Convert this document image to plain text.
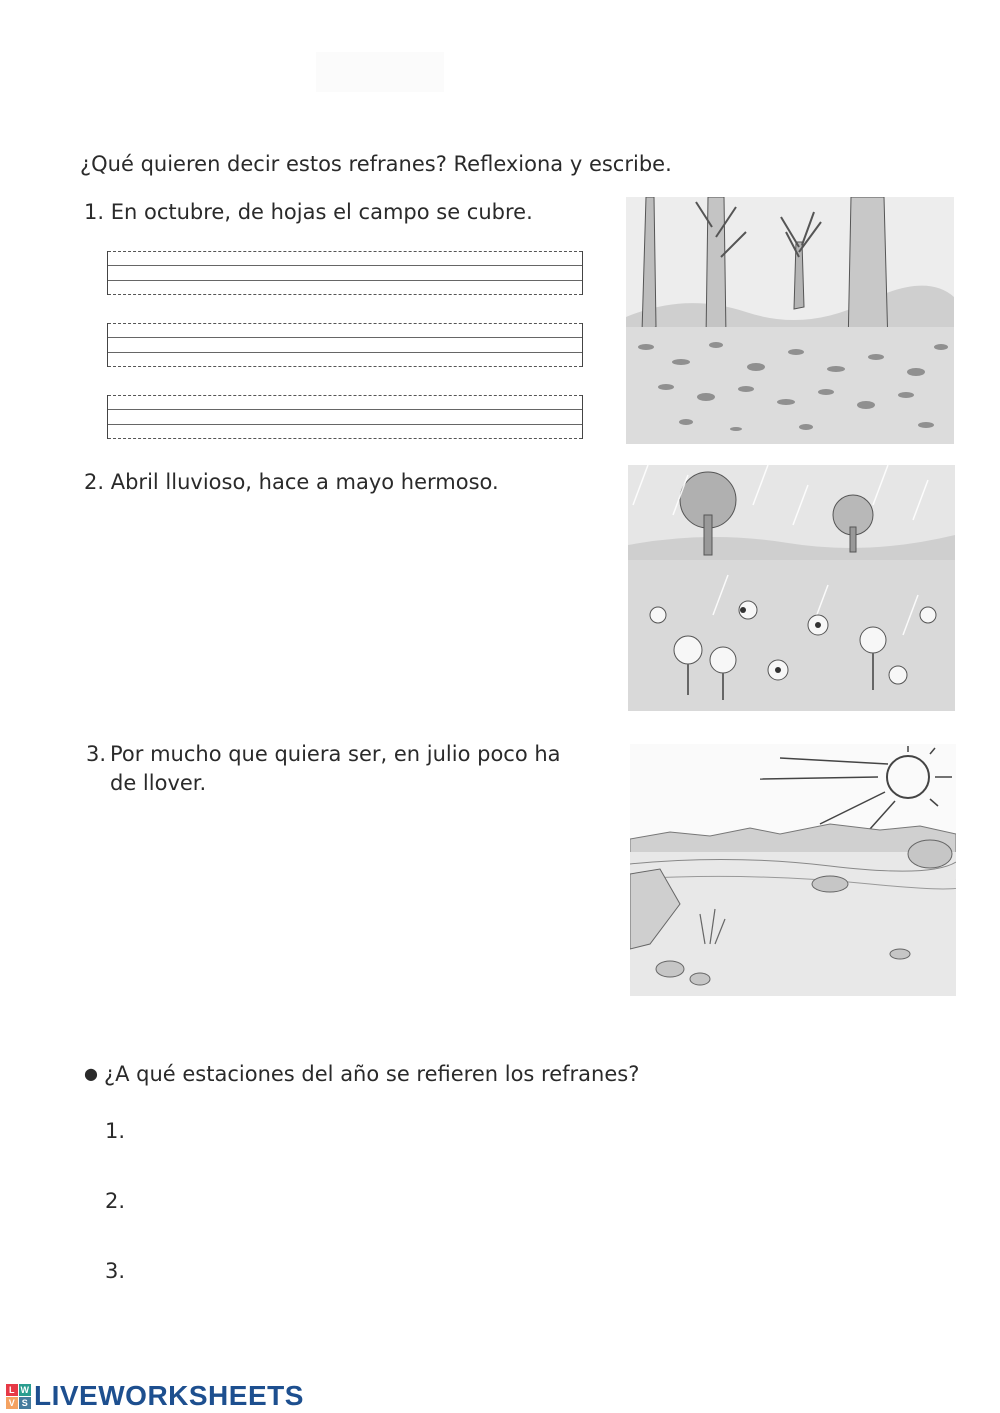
¿Qué quieren decir estos refranes? Reflexiona y escribe.
1. En octubre, de hojas el campo se cubre.
2. Abril lluvioso, hace a mayo hermoso.
3. Por mucho que quiera ser, en julio poco ha
de llover.
● ¿A qué estaciones del año se refieren los refranes?
1.
2.
3.
L W
V S LIVEWORKSHEETS
